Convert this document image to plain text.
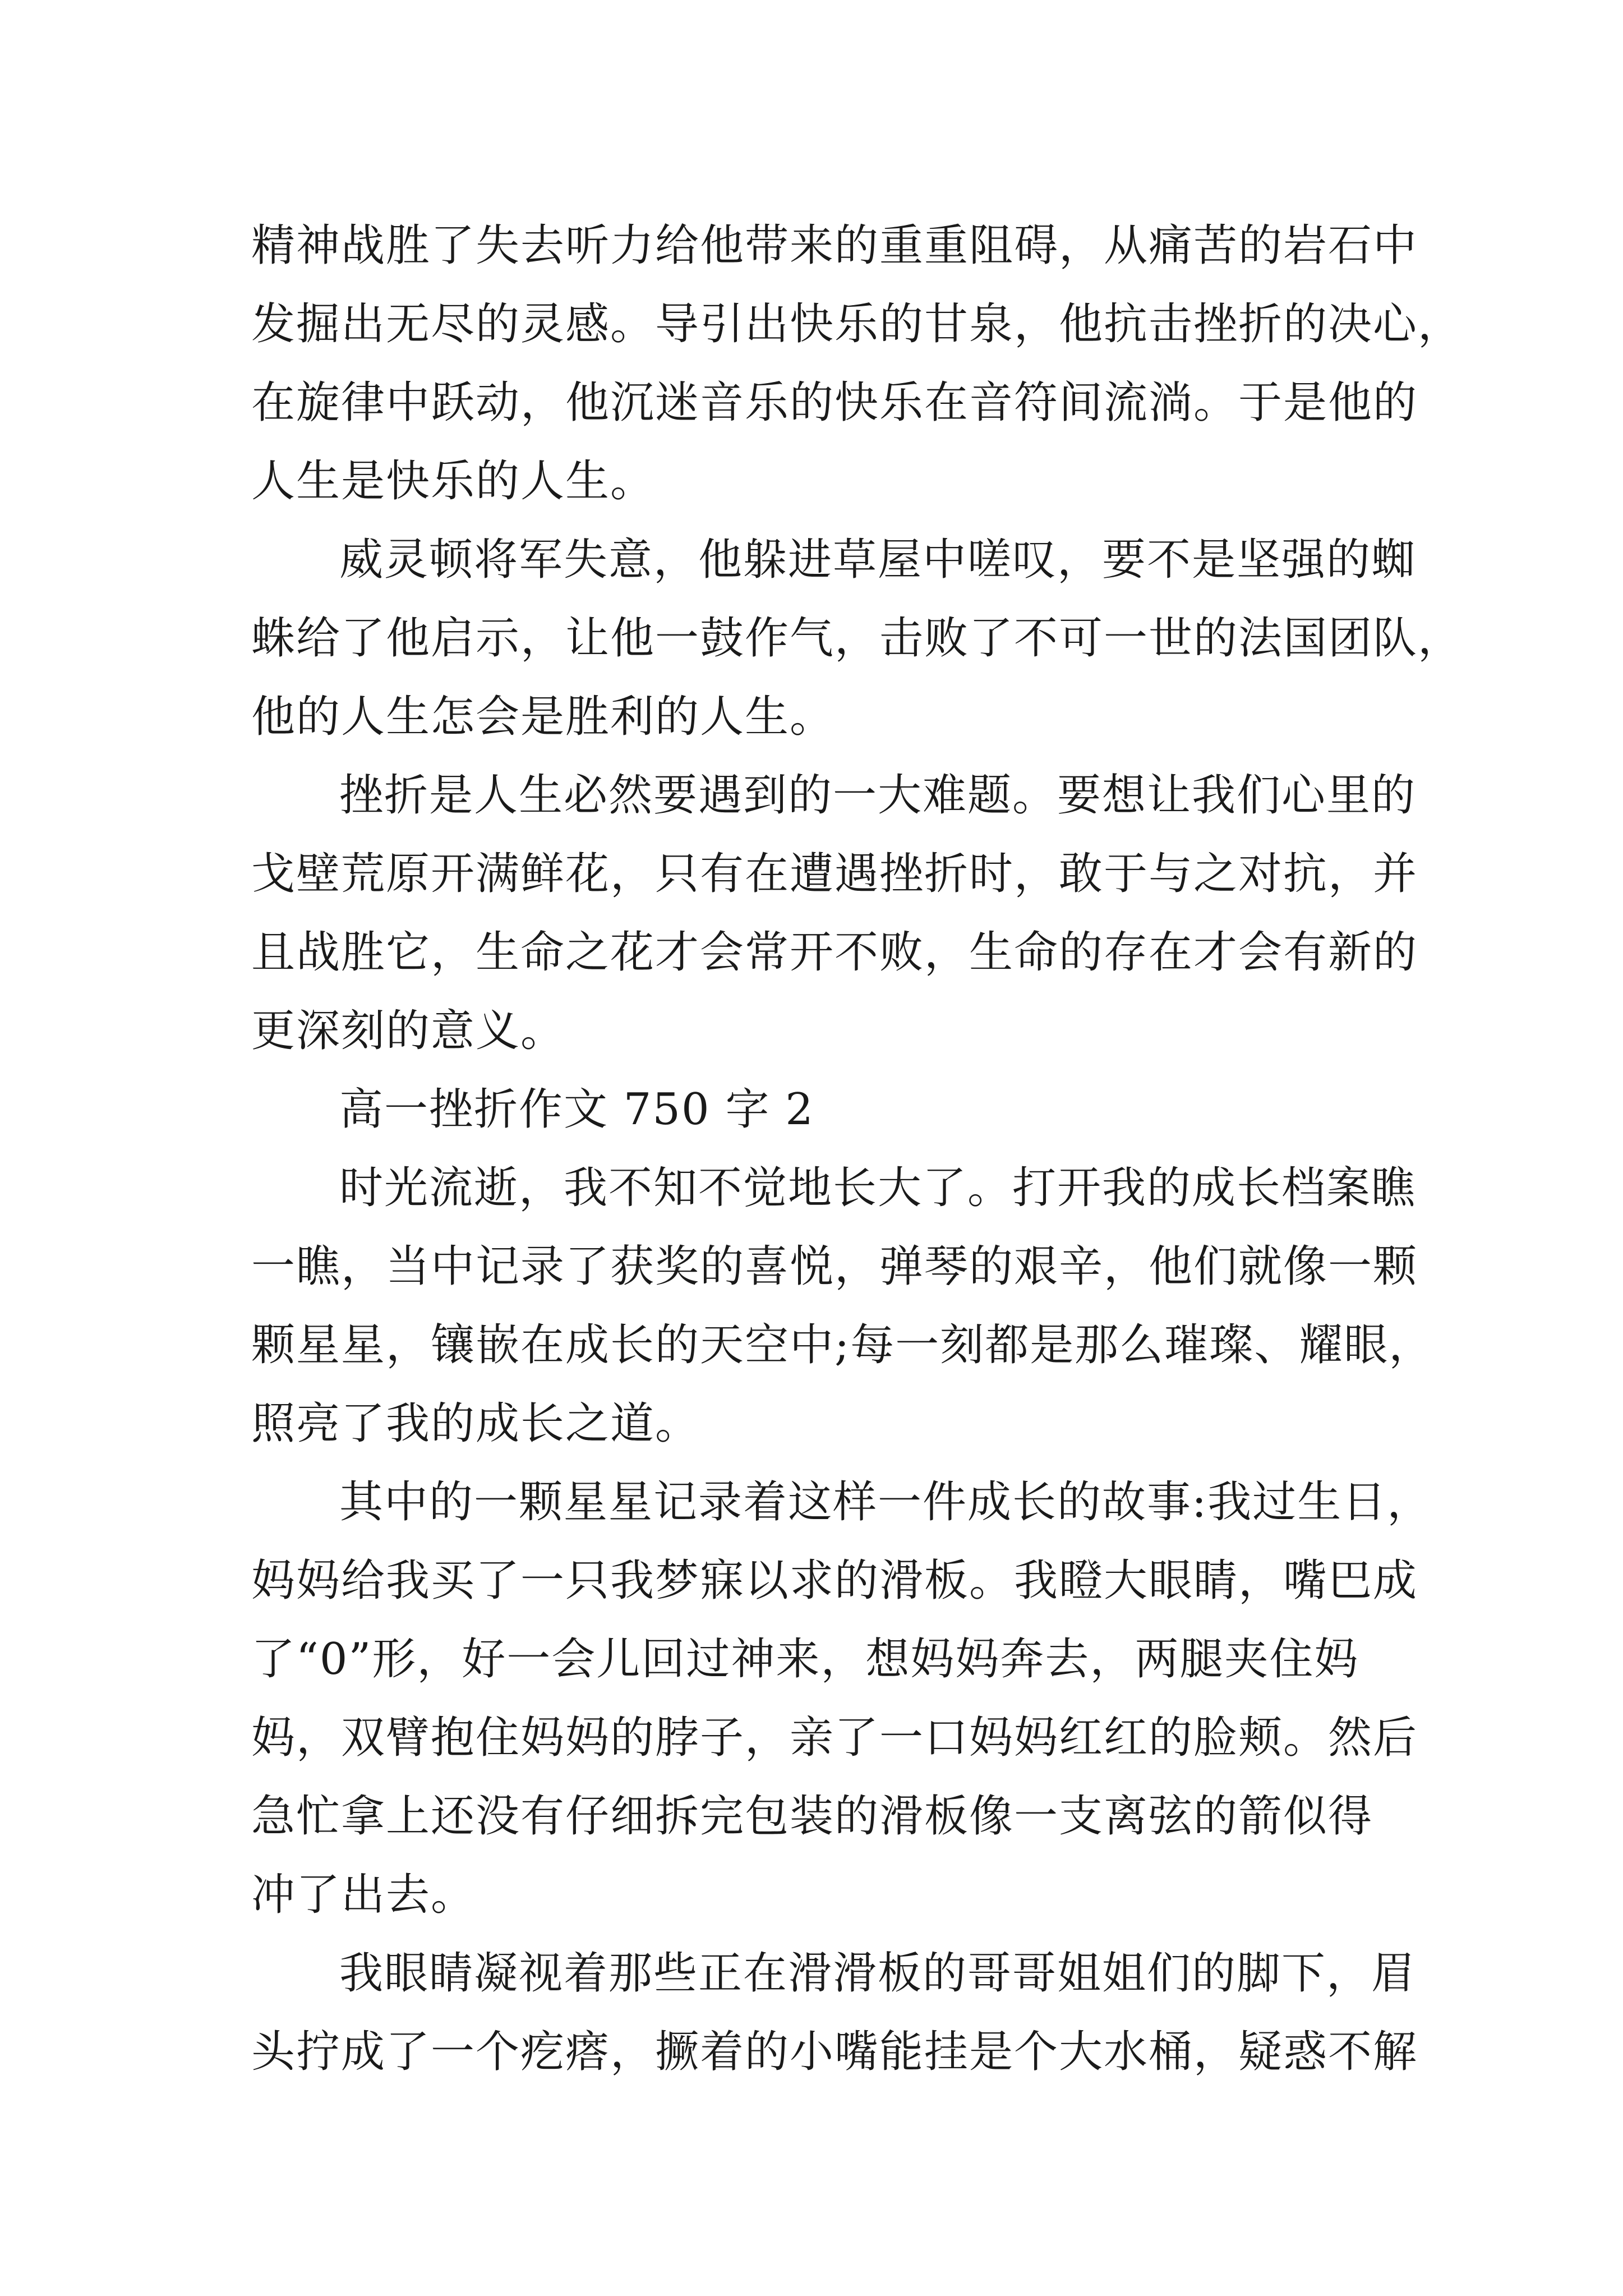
精神战胜了失去听力给他带来的重重阻碍，从痛苦的岩石中
发掘出无尽的灵感。导引出快乐的甘泉，他抗击挫折的决心，
在旋律中跃动，他沉迷音乐的快乐在音符间流淌。于是他的
人生是快乐的人生。
威灵顿将军失意，他躲进草屋中嗟叹，要不是坚强的蜘
蛛给了他启示，让他一鼓作气，击败了不可一世的法国团队，
他的人生怎会是胜利的人生。
挫折是人生必然要遇到的一大难题。要想让我们心里的
戈壁荒原开满鲜花，只有在遭遇挫折时，敢于与之对抗，并
且战胜它，生命之花才会常开不败，生命的存在才会有新的
更深刻的意义。
高一挫折作文 750 字 2
时光流逝，我不知不觉地长大了。打开我的成长档案瞧
一瞧，当中记录了获奖的喜悦，弹琴的艰辛，他们就像一颗
颗星星，镶嵌在成长的天空中;每一刻都是那么璀璨、耀眼，
照亮了我的成长之道。
其中的一颗星星记录着这样一件成长的故事:我过生日，
妈妈给我买了一只我梦寐以求的滑板。我瞪大眼睛，嘴巴成
了“0”形，好一会儿回过神来，想妈妈奔去，两腿夹住妈
妈，双臂抱住妈妈的脖子，亲了一口妈妈红红的脸颊。然后
急忙拿上还没有仔细拆完包装的滑板像一支离弦的箭似得
冲了出去。
我眼睛凝视着那些正在滑滑板的哥哥姐姐们的脚下，眉
头拧成了一个疙瘩，撅着的小嘴能挂是个大水桶，疑惑不解
